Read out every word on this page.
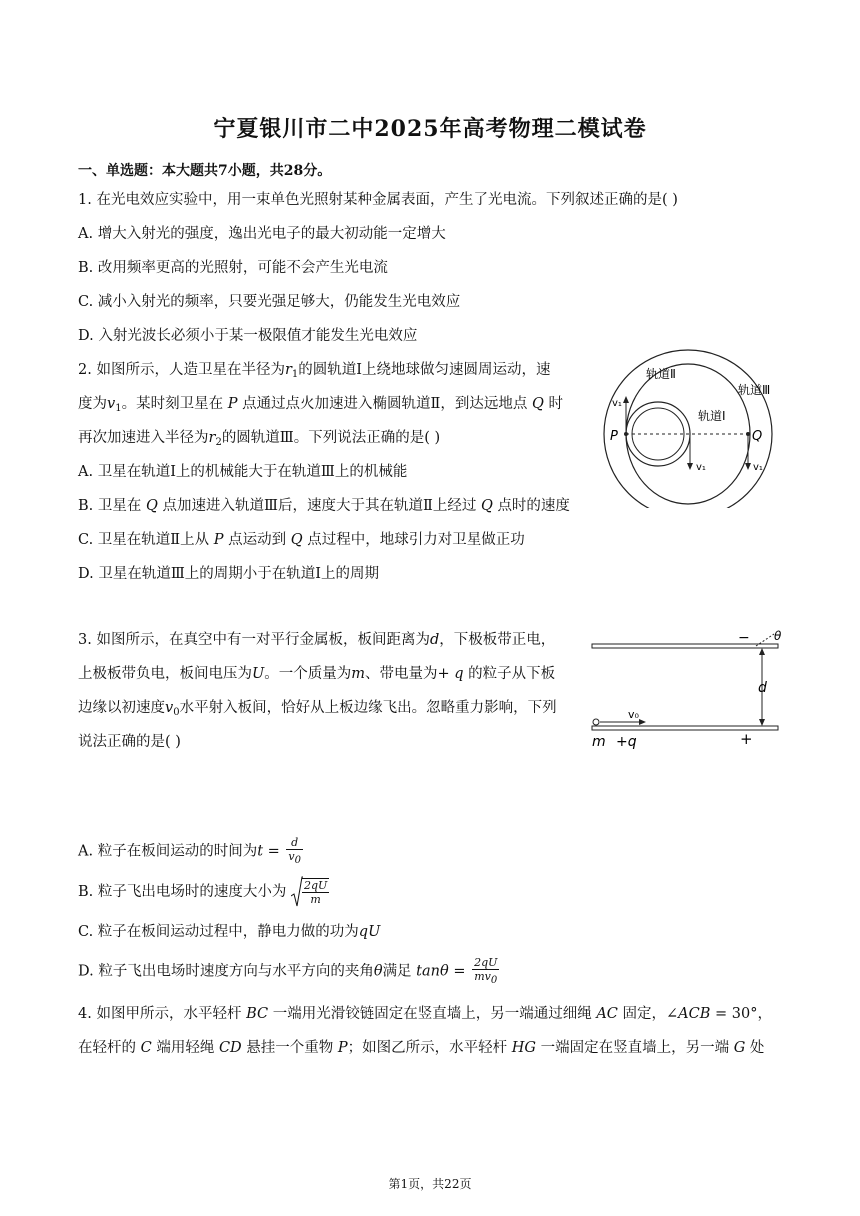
宁夏银川市二中2025年高考物理二模试卷
一、单选题：本大题共7小题，共28分。
1. 在光电效应实验中，用一束单色光照射某种金属表面，产生了光电流。下列叙述正确的是( )
A. 增大入射光的强度，逸出光电子的最大初动能一定增大
B. 改用频率更高的光照射，可能不会产生光电流
C. 减小入射光的频率，只要光强足够大，仍能发生光电效应
D. 入射光波长必须小于某一极限值才能发生光电效应
2. 如图所示，人造卫星在半径为$r_1$的圆轨道Ⅰ上绕地球做匀速圆周运动，速
度为$v_1$。某时刻卫星在 P 点通过点火加速进入椭圆轨道Ⅱ，到达远地点 Q 时
再次加速进入半径为$r_2$的圆轨道Ⅲ。下列说法正确的是( )
A. 卫星在轨道Ⅰ上的机械能大于在轨道Ⅲ上的机械能
B. 卫星在 Q 点加速进入轨道Ⅲ后，速度大于其在轨道Ⅱ上经过 Q 点时的速度
C. 卫星在轨道Ⅱ上从 P 点运动到 Q 点过程中，地球引力对卫星做正功
D. 卫星在轨道Ⅲ上的周期小于在轨道Ⅰ上的周期
轨道Ⅱ
轨道Ⅲ
轨道Ⅰ
P	Q
v₁
v₁	v₁
3. 如图所示，在真空中有一对平行金属板，板间距离为d，下极板带正电，
上极板带负电，板间电压为U。一个质量为m、带电量为+ q 的粒子从下板
边缘以初速度$v_0$水平射入板间，恰好从上板边缘飞出。忽略重力影响，下列
说法正确的是( )
− θ
d
v₀
m +q	+
A. 粒子在板间运动的时间为$t = \frac{d}{v_0}$
B. 粒子飞出电场时的速度大小为 $\frac{2qU}{m}$
C. 粒子在板间运动过程中，静电力做的功为qU
D. 粒子飞出电场时速度方向与水平方向的夹角θ满足 $\tan\theta = \frac{2qU}{mv_0}$
4. 如图甲所示，水平轻杆 BC 一端用光滑铰链固定在竖直墙上，另一端通过细绳 AC 固定，∠ACB = 30°，
在轻杆的 C 端用轻绳 CD 悬挂一个重物 P；如图乙所示，水平轻杆 HG 一端固定在竖直墙上，另一端 G 处
第1页，共22页
